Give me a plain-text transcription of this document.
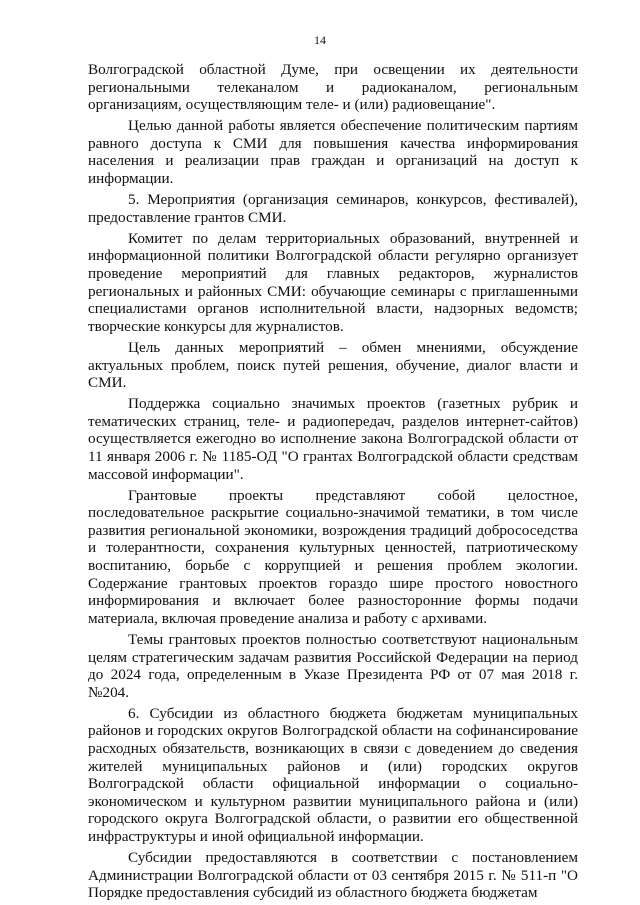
14

Волгоградской областной Думе, при освещении их деятельности региональными телеканалом и радиоканалом, региональным организациям, осуществляющим теле- и (или) радиовещание".

Целью данной работы является обеспечение политическим партиям равного доступа к СМИ для повышения качества информирования населения и реализации прав граждан и организаций на доступ к информации.

5. Мероприятия (организация семинаров, конкурсов, фестивалей), предоставление грантов СМИ.

Комитет по делам территориальных образований, внутренней и информационной политики Волгоградской области регулярно организует проведение мероприятий для главных редакторов, журналистов региональных и районных СМИ: обучающие семинары с приглашенными специалистами органов исполнительной власти, надзорных ведомств; творческие конкурсы для журналистов.

Цель данных мероприятий – обмен мнениями, обсуждение актуальных проблем, поиск путей решения, обучение, диалог власти и СМИ.

Поддержка социально значимых проектов (газетных рубрик и тематических страниц, теле- и радиопередач, разделов интернет-сайтов) осуществляется ежегодно во исполнение закона Волгоградской области от 11 января 2006 г. № 1185-ОД "О грантах Волгоградской области средствам массовой информации".

Грантовые проекты представляют собой целостное, последовательное раскрытие социально-значимой тематики, в том числе развития региональной экономики, возрождения традиций добрососедства и толерантности, сохранения культурных ценностей, патриотическому воспитанию, борьбе с коррупцией и решения проблем экологии. Содержание грантовых проектов гораздо шире простого новостного информирования и включает более разносторонние формы подачи материала, включая проведение анализа и работу с архивами.

Темы грантовых проектов полностью соответствуют национальным целям стратегическим задачам развития Российской Федерации на период до 2024 года, определенным в Указе Президента РФ от 07 мая 2018 г. №204.

6. Субсидии из областного бюджета бюджетам муниципальных районов и городских округов Волгоградской области на софинансирование расходных обязательств, возникающих в связи с доведением до сведения жителей муниципальных районов и (или) городских округов Волгоградской области официальной информации о социально-экономическом и культурном развитии муниципального района и (или) городского округа Волгоградской области, о развитии его общественной инфраструктуры и иной официальной информации.

Субсидии предоставляются в соответствии с постановлением Администрации Волгоградской области от 03 сентября 2015 г. № 511-п "О Порядке предоставления субсидий из областного бюджета бюджетам
